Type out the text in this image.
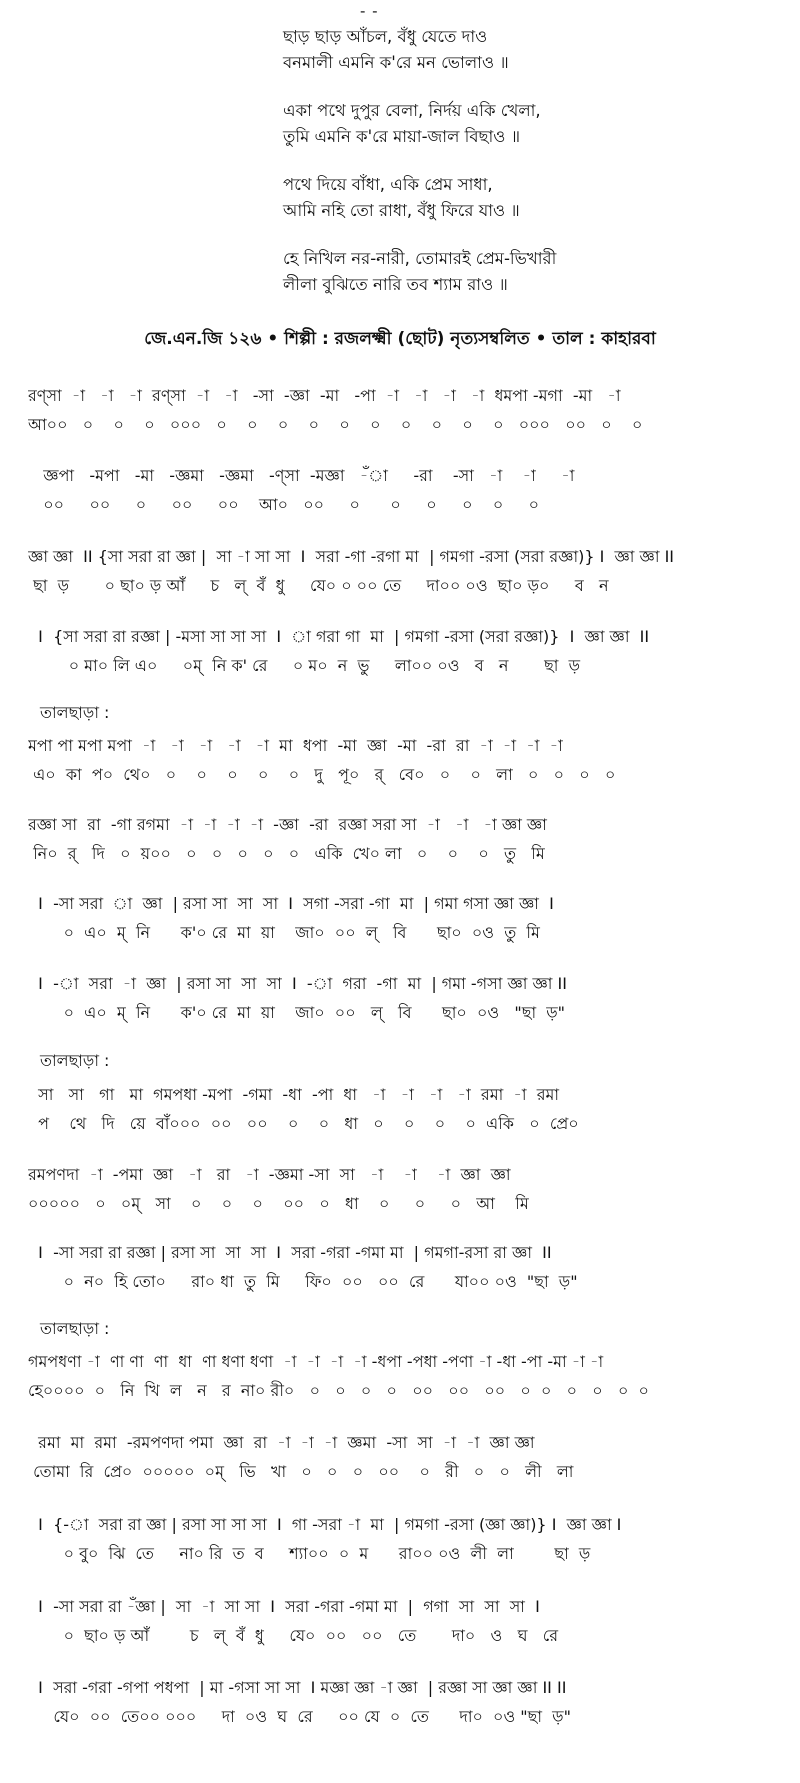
- -
ছাড় ছাড় আঁচল, বঁধু যেতে দাও
বনমালী এমনি ক'রে মন ভোলাও ॥
একা পথে দুপুর বেলা, নির্দয় একি খেলা,
তুমি এমনি ক'রে মায়া-জাল বিছাও ॥
পথে দিয়ে বাঁধা, একি প্রেম সাধা,
আমি নহি তো রাধা, বঁধু ফিরে যাও ॥
হে নিখিল নর-নারী, তোমারই প্রেম-ভিখারী
লীলা বুঝিতে নারি তব শ্যাম রাও ॥
জে.এন.জি ১২৬ • শিল্পী : রজলক্ষ্মী (ছোট) নৃত্যসম্বলিত • তাল : কাহারবা
রণ্সা  -া   -া   -া  রণ্সা  -া   -া   -সা  -জ্ঞা  -মা   -পা  -া   -া   -া   -া  ধমপা -মগা  -মা   -া
আ০০   ০    ০    ০   ০০০   ০    ০    ০    ০    ০    ০    ০    ০    ০    ০   ০০০   ০০   ০    ০
জ্ঞপা   -মপা   -মা   -জ্ঞমা   -জ্ঞমা   -ণ্সা  -মজ্ঞা   -ঁা     -রা    -সা   -া    -া     -া
০০     ০০     ০     ০০     ০০    আ০   ০০     ০      ০     ০     ০    ০     ০
জ্ঞা জ্ঞা  II {সা সরা রা জ্ঞা |  সা -া সা সা  I  সরা -গা -রগা মা  | গমগা -রসা (সরা রজ্ঞা)} I  জ্ঞা জ্ঞা II
ছা  ড়       ০ ছা০ ড় আঁ     চ   ল্  বঁ  ধু     যে০ ০ ০০ তে     দা০০ ০ও  ছা০ ড়০     ব   ন
I  {সা সরা রা রজ্ঞা | -মসা সা সা সা  I  া গরা গা  মা  | গমগা -রসা (সরা রজ্ঞা)}  I  জ্ঞা জ্ঞা  II
০ মা০ লি এ০     ০ম্  নি ক' রে     ০ ম০  ন  ভু     লা০০ ০ও   ব   ন       ছা  ড়
তালছাড়া :
মপা পা মপা মপা  -া   -া   -া   -া   -া  মা  ধপা  -মা  জ্ঞা  -মা  -রা  রা  -া  -া  -া  -া
এ০  কা  প০  থে০   ০    ০    ০    ০    ০   দু   পূ০   র্   বে০   ০    ০   লা   ০   ০   ০   ০
রজ্ঞা সা  রা  -গা রগমা  -া  -া  -া  -া  -জ্ঞা  -রা  রজ্ঞা সরা সা  -া   -া   -া জ্ঞা জ্ঞা
নি০  র্   দি   ০  য়০০   ০   ০   ০   ০   ০   একি  খে০ লা   ০    ০    ০   তু   মি
I  -সা সরা  া  জ্ঞা  | রসা সা  সা  সা  I  সগা -সরা -গা  মা  | গমা গসা জ্ঞা জ্ঞা  I
০  এ০  ম্  নি      ক'০ রে  মা  য়া    জা০  ০০  ল্   বি      ছা০  ০ও  তু  মি
I  -া  সরা  -া  জ্ঞা  | রসা সা  সা  সা  I  -া  গরা  -গা  মা  | গমা -গসা জ্ঞা জ্ঞা II
০  এ০  ম্  নি      ক'০ রে  মা  য়া    জা০  ০০   ল্   বি      ছা০  ০ও   "ছা  ড়"
তালছাড়া :
সা   সা   গা   মা  গমপধা -মপা  -গমা  -ধা  -পা  ধা   -া   -া   -া   -া  রমা  -া  রমা
প    থে   দি   য়ে  বাঁ০০০  ০০   ০০    ০    ০   ধা   ০    ০    ০    ০  একি   ০  প্রে০
রমপণদা  -া  -পমা  জ্ঞা   -া   রা   -া  -জ্ঞমা -সা  সা   -া    -া    -া  জ্ঞা  জ্ঞা
০০০০০   ০   ০ম্   সা    ০    ০    ০    ০০   ০   ধা    ০     ০     ০   আ    মি
I  -সা সরা রা রজ্ঞা | রসা সা  সা  সা  I  সরা -গরা -গমা মা  | গমগা-রসা রা জ্ঞা  II
০  ন০  হি তো০     রা০ ধা  তু  মি     ফি০  ০০   ০০  রে      যা০০ ০ও  "ছা  ড়"
তালছাড়া :
গমপধণা -া  ণা ণা  ণা  ধা  ণা ধণা ধণা  -া  -া  -া  -া -ধপা -পধা -পণা -া -ধা -পা -মা -া -া
হে০০০০  ০   নি  খি  ল   ন   র  না০ রী০   ০   ০   ০   ০   ০০   ০০   ০০   ০  ০   ০   ০   ০  ০
রমা  মা  রমা  -রমপণদা পমা  জ্ঞা  রা  -া  -া  -া  জ্ঞমা  -সা  সা  -া  -া  জ্ঞা জ্ঞা
তোমা  রি  প্রে০  ০০০০০  ০ম্   ভি   খা   ০   ০   ০   ০০    ০   রী   ০   ০   লী   লা
I  {-া  সরা রা জ্ঞা | রসা সা সা সা  I  গা -সরা -া  মা  | গমগা -রসা (জ্ঞা জ্ঞা)} I  জ্ঞা জ্ঞা I
০ বু০  ঝি  তে     না০ রি  ত  ব     শ্যা০০  ০  ম      রা০০ ০ও  লী  লা        ছা  ড়
I  -সা সরা রা -ঁজ্ঞা |  সা  -া  সা সা  I  সরা -গরা -গমা মা  |  গগা  সা  সা  সা  I
০  ছা০ ড় আঁ        চ   ল্  বঁ  ধু     যে০  ০০   ০০   তে       দা০   ও   ঘ   রে
I  সরা -গরা -গপা পধপা  | মা -গসা সা সা  I মজ্ঞা জ্ঞা -া জ্ঞা  | রজ্ঞা সা জ্ঞা জ্ঞা II II
যে০  ০০  তে০০ ০০০     দা  ০ও  ঘ  রে     ০০ যে  ০  তে      দা০  ০ও "ছা  ড়"
